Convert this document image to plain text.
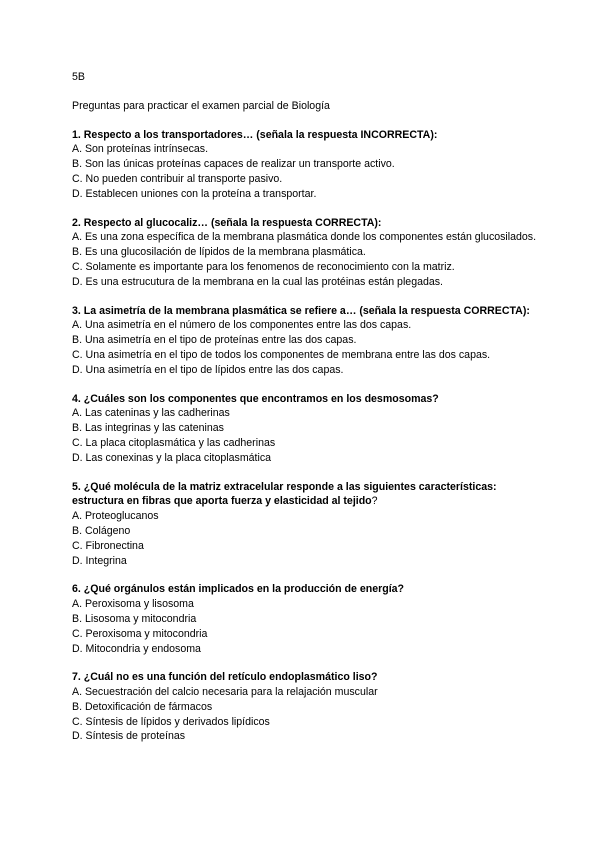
5B
Preguntas para practicar el examen parcial de Biología
1. Respecto a los transportadores… (señala la respuesta INCORRECTA):
A. Son proteínas intrínsecas.
B. Son las únicas proteínas capaces de realizar un transporte activo.
C. No pueden contribuir al transporte pasivo.
D. Establecen uniones con la proteína a transportar.
2. Respecto al glucocaliz… (señala la respuesta CORRECTA):
A. Es una zona específica de la membrana plasmática donde los componentes están glucosilados.
B. Es una glucosilación de lípidos de la membrana plasmática.
C. Solamente es importante para los fenomenos de reconocimiento con la matriz.
D. Es una estrucutura de la membrana en la cual las protéinas están plegadas.
3. La asimetría de la membrana plasmática se refiere a… (señala la respuesta CORRECTA):
A. Una asimetría en el número de los componentes entre las dos capas.
B. Una asimetría en el tipo de proteínas entre las dos capas.
C. Una asimetría en el tipo de todos los componentes de membrana entre las dos capas.
D. Una asimetría en el tipo de lípidos entre las dos capas.
4. ¿Cuáles son los componentes que encontramos en los desmosomas?
A. Las cateninas y las cadherinas
B. Las integrinas y las cateninas
C. La placa citoplasmática y las cadherinas
D. Las conexinas y la placa citoplasmática
5. ¿Qué molécula de la matriz extracelular responde a las siguientes características: estructura en fibras que aporta fuerza y elasticidad al tejido?
A. Proteoglucanos
B. Colágeno
C. Fibronectina
D. Integrina
6. ¿Qué orgánulos están implicados en la producción de energía?
A. Peroxisoma y lisosoma
B. Lisosoma y mitocondria
C. Peroxisoma y mitocondria
D. Mitocondria y endosoma
7. ¿Cuál no es una función del retículo endoplasmático liso?
A. Secuestración del calcio necesaria para la relajación muscular
B. Detoxificación de fármacos
C. Síntesis de lípidos y derivados lipídicos
D. Síntesis de proteínas
